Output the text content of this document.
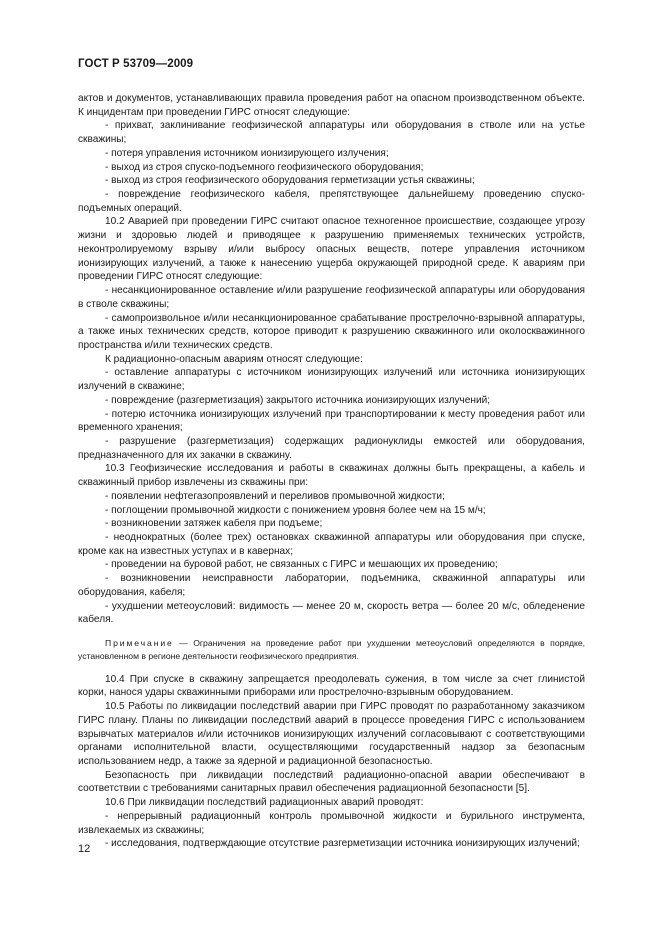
ГОСТ Р 53709—2009

актов и документов, устанавливающих правила проведения работ на опасном производственном объекте. К инцидентам при проведении ГИРС относят следующие:

- прихват, заклинивание геофизической аппаратуры или оборудования в стволе или на устье скважины;

- потеря управления источником ионизирующего излучения;

- выход из строя спуско-подъемного геофизического оборудования;

- выход из строя геофизического оборудования герметизации устья скважины;

- повреждение геофизического кабеля, препятствующее дальнейшему проведению спуско-подъемных операций.

10.2 Аварией при проведении ГИРС считают опасное техногенное происшествие, создающее угрозу жизни и здоровью людей и приводящее к разрушению применяемых технических устройств, неконтролируемому взрыву и/или выбросу опасных веществ, потере управления источником ионизирующих излучений, а также к нанесению ущерба окружающей природной среде. К авариям при проведении ГИРС относят следующие:

- несанкционированное оставление и/или разрушение геофизической аппаратуры или оборудования в стволе скважины;

- самопроизвольное и/или несанкционированное срабатывание прострелочно-взрывной аппаратуры, а также иных технических средств, которое приводит к разрушению скважинного или околоскважинного пространства и/или технических средств.

К радиационно-опасным авариям относят следующие:

- оставление аппаратуры с источником ионизирующих излучений или источника ионизирующих излучений в скважине;

- повреждение (разгерметизация) закрытого источника ионизирующих излучений;

- потерю источника ионизирующих излучений при транспортировании к месту проведения работ или временного хранения;

- разрушение (разгерметизация) содержащих радионуклиды емкостей или оборудования, предназначенного для их закачки в скважину.

10.3 Геофизические исследования и работы в скважинах должны быть прекращены, а кабель и скважинный прибор извлечены из скважины при:

- появлении нефтегазопроявлений и переливов промывочной жидкости;

- поглощении промывочной жидкости с понижением уровня более чем на 15 м/ч;

- возникновении затяжек кабеля при подъеме;

- неоднократных (более трех) остановках скважинной аппаратуры или оборудования при спуске, кроме как на известных уступах и в кавернах;

- проведении на буровой работ, не связанных с ГИРС и мешающих их проведению;

- возникновении неисправности лаборатории, подъемника, скважинной аппаратуры или оборудования, кабеля;

- ухудшении метеоусловий: видимость — менее 20 м, скорость ветра — более 20 м/с, обледенение кабеля.

Примечание — Ограничения на проведение работ при ухудшении метеоусловий определяются в порядке, установленном в регионе деятельности геофизического предприятия.

10.4 При спуске в скважину запрещается преодолевать сужения, в том числе за счет глинистой корки, нанося удары скважинными приборами или прострелочно-взрывным оборудованием.

10.5 Работы по ликвидации последствий аварии при ГИРС проводят по разработанному заказчиком ГИРС плану. Планы по ликвидации последствий аварий в процессе проведения ГИРС с использованием взрывчатых материалов и/или источников ионизирующих излучений согласовывают с соответствующими органами исполнительной власти, осуществляющими государственный надзор за безопасным использованием недр, а также за ядерной и радиационной безопасностью.

Безопасность при ликвидации последствий радиационно-опасной аварии обеспечивают в соответствии с требованиями санитарных правил обеспечения радиационной безопасности [5].

10.6 При ликвидации последствий радиационных аварий проводят:

- непрерывный радиационный контроль промывочной жидкости и бурильного инструмента, извлекаемых из скважины;

- исследования, подтверждающие отсутствие разгерметизации источника ионизирующих излучений;

12
